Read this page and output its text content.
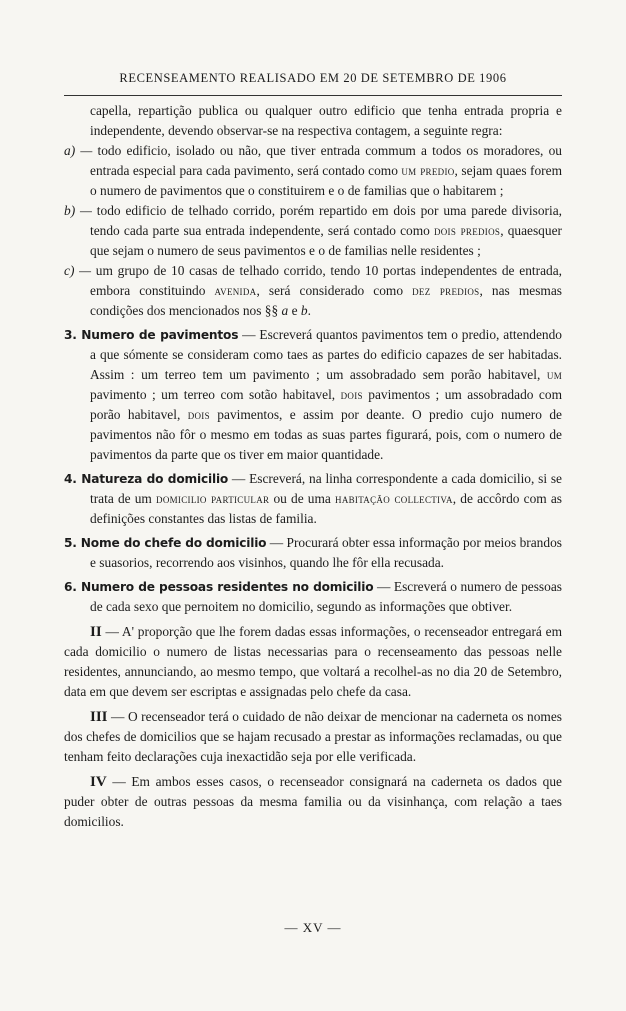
RECENSEAMENTO REALISADO EM 20 DE SETEMBRO DE 1906

capella, repartição publica ou qualquer outro edificio que tenha entrada propria e independente, devendo observar-se na respectiva contagem, a seguinte regra:

a) — todo edificio, isolado ou não, que tiver entrada commum a todos os moradores, ou entrada especial para cada pavimento, será contado como um predio, sejam quaes forem o numero de pavimentos que o constituirem e o de familias que o habitarem ;

b) — todo edificio de telhado corrido, porém repartido em dois por uma parede divisoria, tendo cada parte sua entrada independente, será contado como dois predios, quaesquer que sejam o numero de seus pavimentos e o de familias nelle residentes ;

c) — um grupo de 10 casas de telhado corrido, tendo 10 portas independentes de entrada, embora constituindo avenida, será considerado como dez predios, nas mesmas condições dos mencionados nos §§ a e b.

3. Numero de pavimentos — Escreverá quantos pavimentos tem o predio, attendendo a que sómente se consideram como taes as partes do edificio capazes de ser habitadas. Assim : um terreo tem um pavimento ; um assobradado sem porão habitavel, um pavimento ; um terreo com sotão habitavel, dois pavimentos ; um assobradado com porão habitavel, dois pavimentos, e assim por deante. O predio cujo numero de pavimentos não fôr o mesmo em todas as suas partes figurará, pois, com o numero de pavimentos da parte que os tiver em maior quantidade.

4. Natureza do domicilio — Escreverá, na linha correspondente a cada domicilio, si se trata de um domicilio particular ou de uma habitação collectiva, de accôrdo com as definições constantes das listas de familia.

5. Nome do chefe do domicilio — Procurará obter essa informação por meios brandos e suasorios, recorrendo aos visinhos, quando lhe fôr ella recusada.

6. Numero de pessoas residentes no domicilio — Escreverá o numero de pessoas de cada sexo que pernoitem no domicilio, segundo as informações que obtiver.

II — A' proporção que lhe forem dadas essas informações, o recenseador entregará em cada domicilio o numero de listas necessarias para o recenseamento das pessoas nelle residentes, annunciando, ao mesmo tempo, que voltará a recolhel-as no dia 20 de Setembro, data em que devem ser escriptas e assignadas pelo chefe da casa.

III — O recenseador terá o cuidado de não deixar de mencionar na caderneta os nomes dos chefes de domicilios que se hajam recusado a prestar as informações reclamadas, ou que tenham feito declarações cuja inexactidão seja por elle verificada.

IV — Em ambos esses casos, o recenseador consignará na caderneta os dados que puder obter de outras pessoas da mesma familia ou da visinhança, com relação a taes domicilios.

— XV —
